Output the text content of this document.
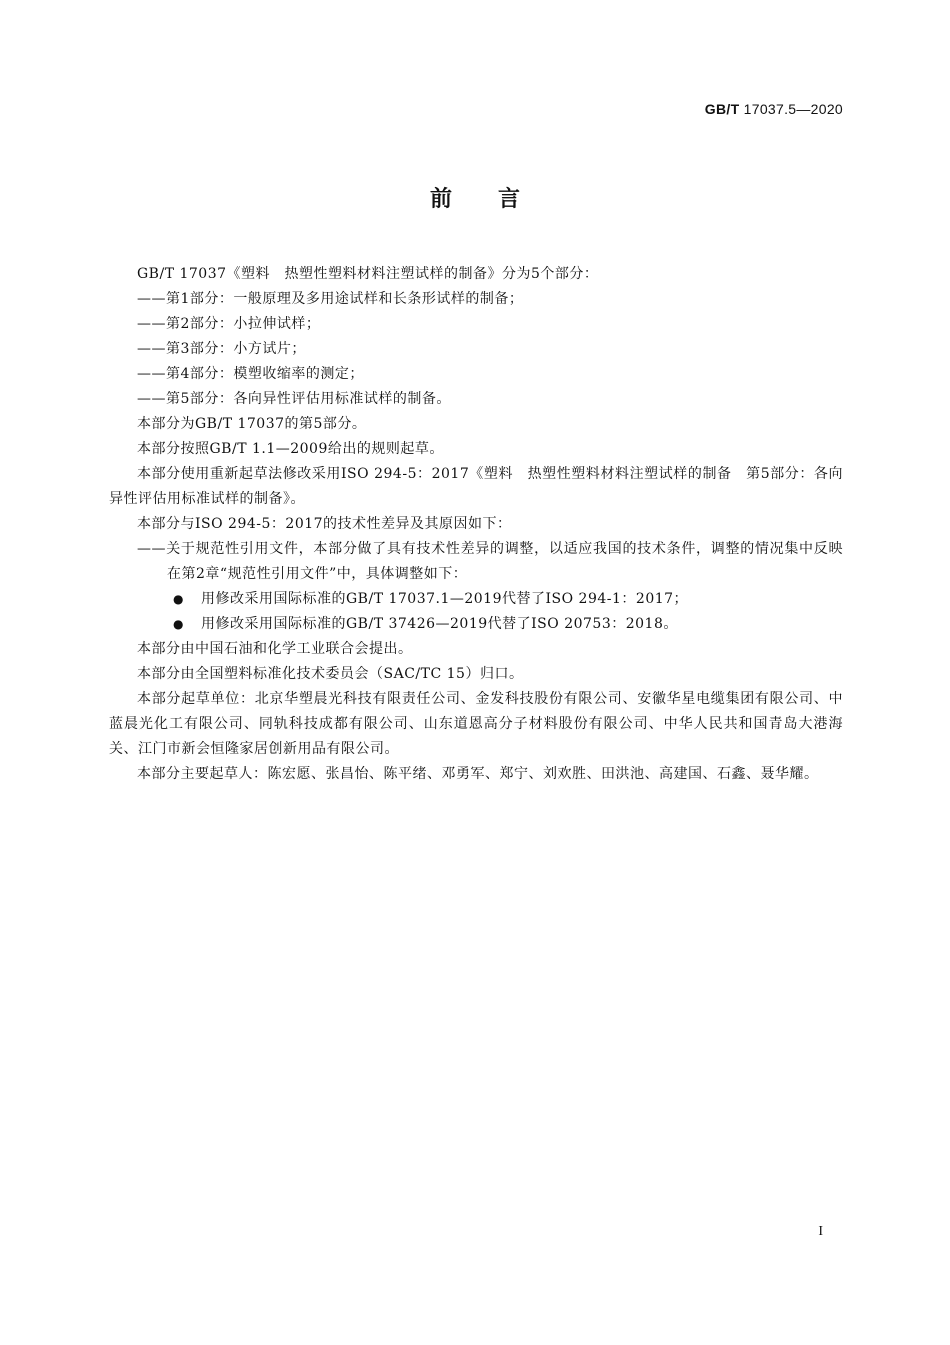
GB/T 17037.5—2020
前言

GB/T 17037《塑料　热塑性塑料材料注塑试样的制备》分为5个部分：

——第1部分：一般原理及多用途试样和长条形试样的制备；

——第2部分：小拉伸试样；

——第3部分：小方试片；

——第4部分：模塑收缩率的测定；

——第5部分：各向异性评估用标准试样的制备。

本部分为GB/T 17037的第5部分。

本部分按照GB/T 1.1—2009给出的规则起草。

本部分使用重新起草法修改采用ISO 294-5：2017《塑料　热塑性塑料材料注塑试样的制备　第5部分：各向异性评估用标准试样的制备》。

本部分与ISO 294-5：2017的技术性差异及其原因如下：

——关于规范性引用文件，本部分做了具有技术性差异的调整，以适应我国的技术条件，调整的情况集中反映在第2章“规范性引用文件”中，具体调整如下：

● 用修改采用国际标准的GB/T 17037.1—2019代替了ISO 294-1：2017；

● 用修改采用国际标准的GB/T 37426—2019代替了ISO 20753：2018。

本部分由中国石油和化学工业联合会提出。

本部分由全国塑料标准化技术委员会（SAC/TC 15）归口。

本部分起草单位：北京华塑晨光科技有限责任公司、金发科技股份有限公司、安徽华星电缆集团有限公司、中蓝晨光化工有限公司、同轨科技成都有限公司、山东道恩高分子材料股份有限公司、中华人民共和国青岛大港海关、江门市新会恒隆家居创新用品有限公司。

本部分主要起草人：陈宏愿、张昌怡、陈平绪、邓勇军、郑宁、刘欢胜、田洪池、高建国、石鑫、聂华耀。

I
